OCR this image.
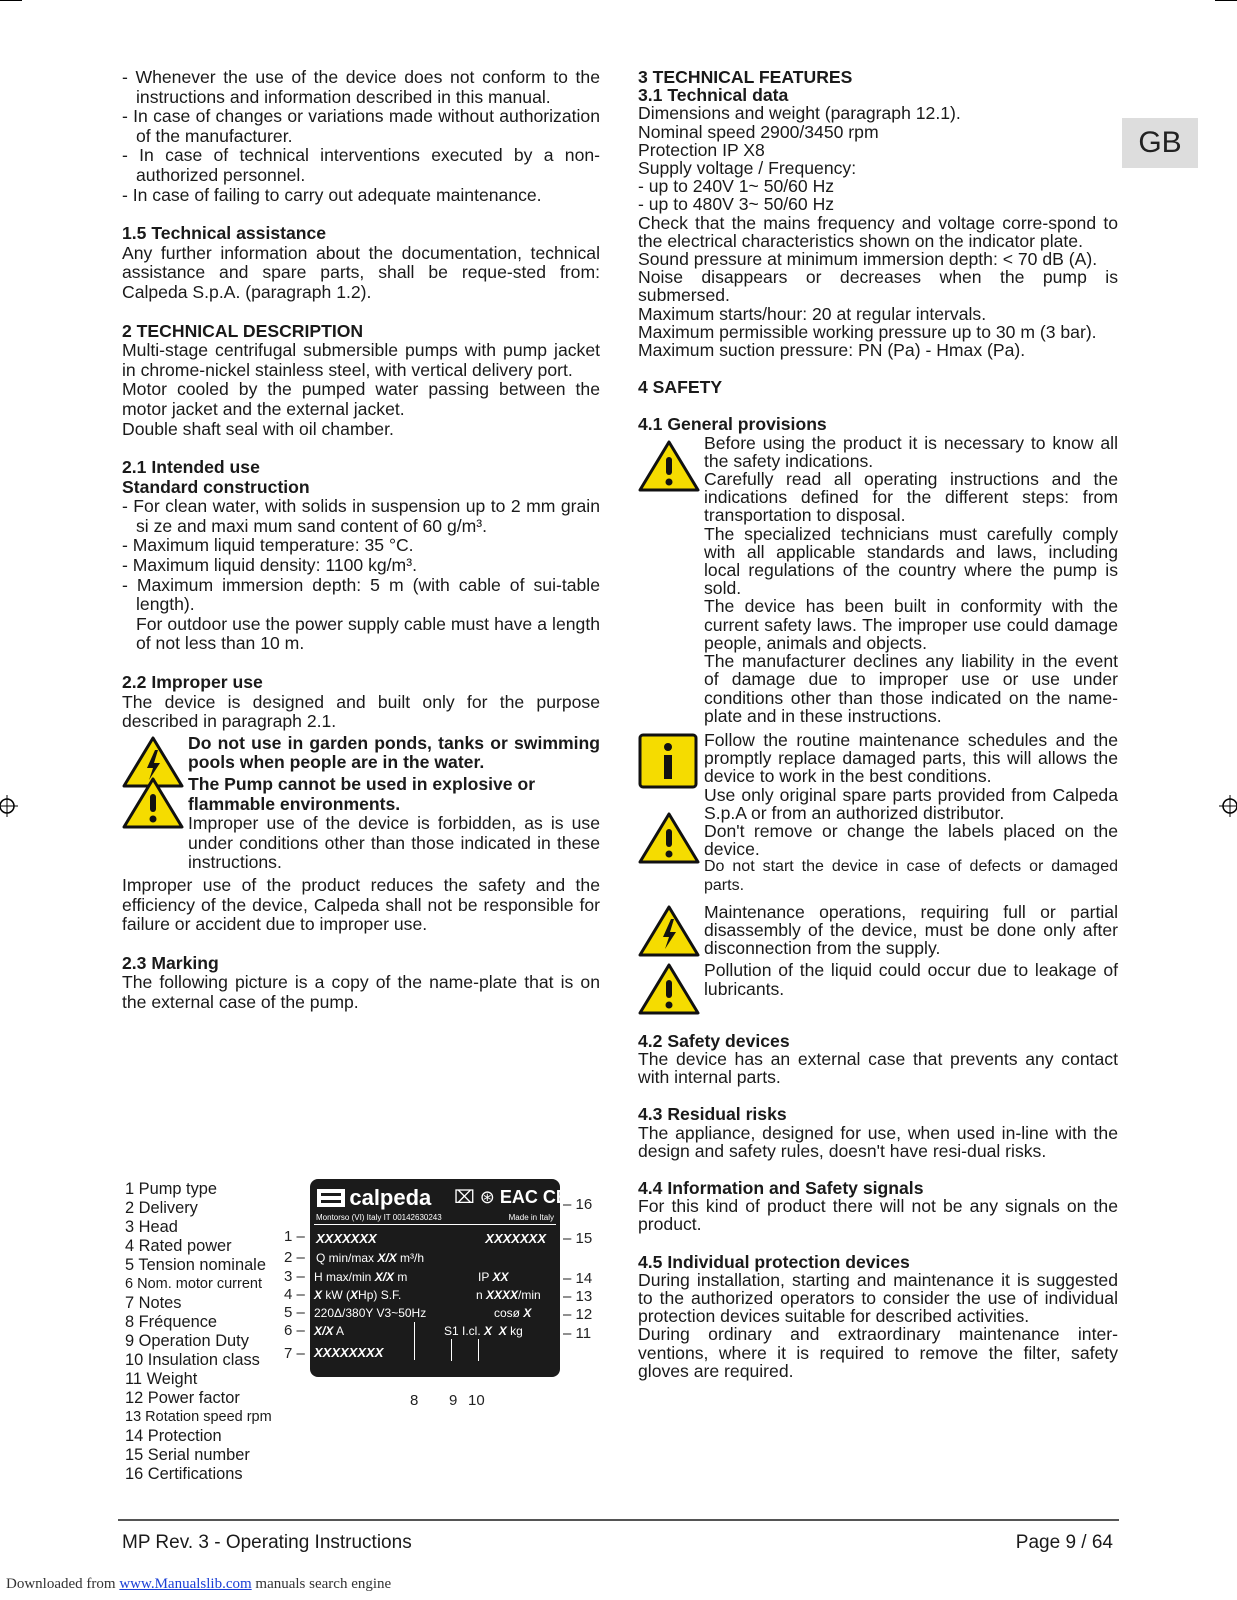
GB

- Whenever the use of the device does not conform to the instructions and information described in this manual.

- In case of changes or variations made without authorization of the manufacturer.

- In case of technical interventions executed by a non-authorized personnel.

- In case of failing to carry out adequate maintenance.

1.5 Technical assistance

Any further information about the documentation, technical assistance and spare parts, shall be reque-sted from: Calpeda S.p.A. (paragraph 1.2).

2 TECHNICAL DESCRIPTION

Multi-stage centrifugal submersible pumps with pump jacket in chrome-nickel stainless steel, with vertical delivery port.

Motor cooled by the pumped water passing between the motor jacket and the external jacket.

Double shaft seal with oil chamber.

2.1 Intended use

Standard construction

- For clean water, with solids in suspension up to 2 mm grain si ze and maxi mum sand content of 60 g/m³.

- Maximum liquid temperature: 35 °C.

- Maximum liquid density: 1100 kg/m³.

- Maximum immersion depth: 5 m (with cable of sui-table length).

For outdoor use the power supply cable must have a length of not less than 10 m.

2.2 Improper use

The device is designed and built only for the purpose described in paragraph 2.1.

Do not use in garden ponds, tanks or swimming pools when people are in the water.

The Pump cannot be used in explosive or flammable environments.

Improper use of the device is forbidden, as is use under conditions other than those indicated in these instructions.

Improper use of the product reduces the safety and the efficiency of the device, Calpeda shall not be responsible for failure or accident due to improper use.

2.3 Marking

The following picture is a copy of the name-plate that is on the external case of the pump.

1 Pump type
2 Delivery
3 Head
4 Rated power
5 Tension nominale
6 Nom. motor current
7 Notes
8 Fréquence
9 Operation Duty
10 Insulation class
11 Weight
12 Power factor
13 Rotation speed rpm
14 Protection
15 Serial number
16 Certifications
calpeda ⌧ ⊛ EAC CE
Montorso (VI) Italy IT 00142630243	Made in Italy
XXXXXXX	XXXXXXX
Q min/max X/X m³/h
H max/min X/X m	IP XX
X kW (XHp) S.F.	n XXXX/min
220Δ/380Y V3~50Hz	cosø X
X/X A	S1 I.cl. X X kg
XXXXXXXX
1 –
2 –
3 –
4 –
5 –
6 –
7 –
– 16
– 15
– 14
– 13
– 12
– 11
8 9 10

3 TECHNICAL FEATURES

3.1 Technical data

Dimensions and weight (paragraph 12.1).

Nominal speed 2900/3450 rpm

Protection IP X8

Supply voltage / Frequency:

- up to 240V 1~ 50/60 Hz

- up to 480V 3~ 50/60 Hz

Check that the mains frequency and voltage corre-spond to the electrical characteristics shown on the indicator plate.

Sound pressure at minimum immersion depth: < 70 dB (A).

Noise disappears or decreases when the pump is submersed.

Maximum starts/hour: 20 at regular intervals.

Maximum permissible working pressure up to 30 m (3 bar).

Maximum suction pressure: PN (Pa) - Hmax (Pa).

4 SAFETY

4.1 General provisions

Before using the product it is necessary to know all the safety indications.

Carefully read all operating instructions and the indications defined for the different steps: from transportation to disposal.

The specialized technicians must carefully comply with all applicable standards and laws, including local regulations of the country where the pump is sold.

The device has been built in conformity with the current safety laws. The improper use could damage people, animals and objects.

The manufacturer declines any liability in the event of damage due to improper use or use under conditions other than those indicated on the name-plate and in these instructions.

Follow the routine maintenance schedules and the promptly replace damaged parts, this will allows the device to work in the best conditions.

Use only original spare parts provided from Calpeda S.p.A or from an authorized distributor.

Don't remove or change the labels placed on the device.

Do not start the device in case of defects or damaged parts.

Maintenance operations, requiring full or partial disassembly of the device, must be done only after disconnection from the supply.

Pollution of the liquid could occur due to leakage of lubricants.

4.2 Safety devices

The device has an external case that prevents any contact with internal parts.

4.3 Residual risks

The appliance, designed for use, when used in-line with the design and safety rules, doesn't have resi-dual risks.

4.4 Information and Safety signals

For this kind of product there will not be any signals on the product.

4.5 Individual protection devices

During installation, starting and maintenance it is suggested to the authorized operators to consider the use of individual protection devices suitable for described activities.

During ordinary and extraordinary maintenance inter-ventions, where it is required to remove the filter, safety gloves are required.

MP Rev. 3 - Operating Instructions	Page 9 / 64
Downloaded from www.Manualslib.com manuals search engine
